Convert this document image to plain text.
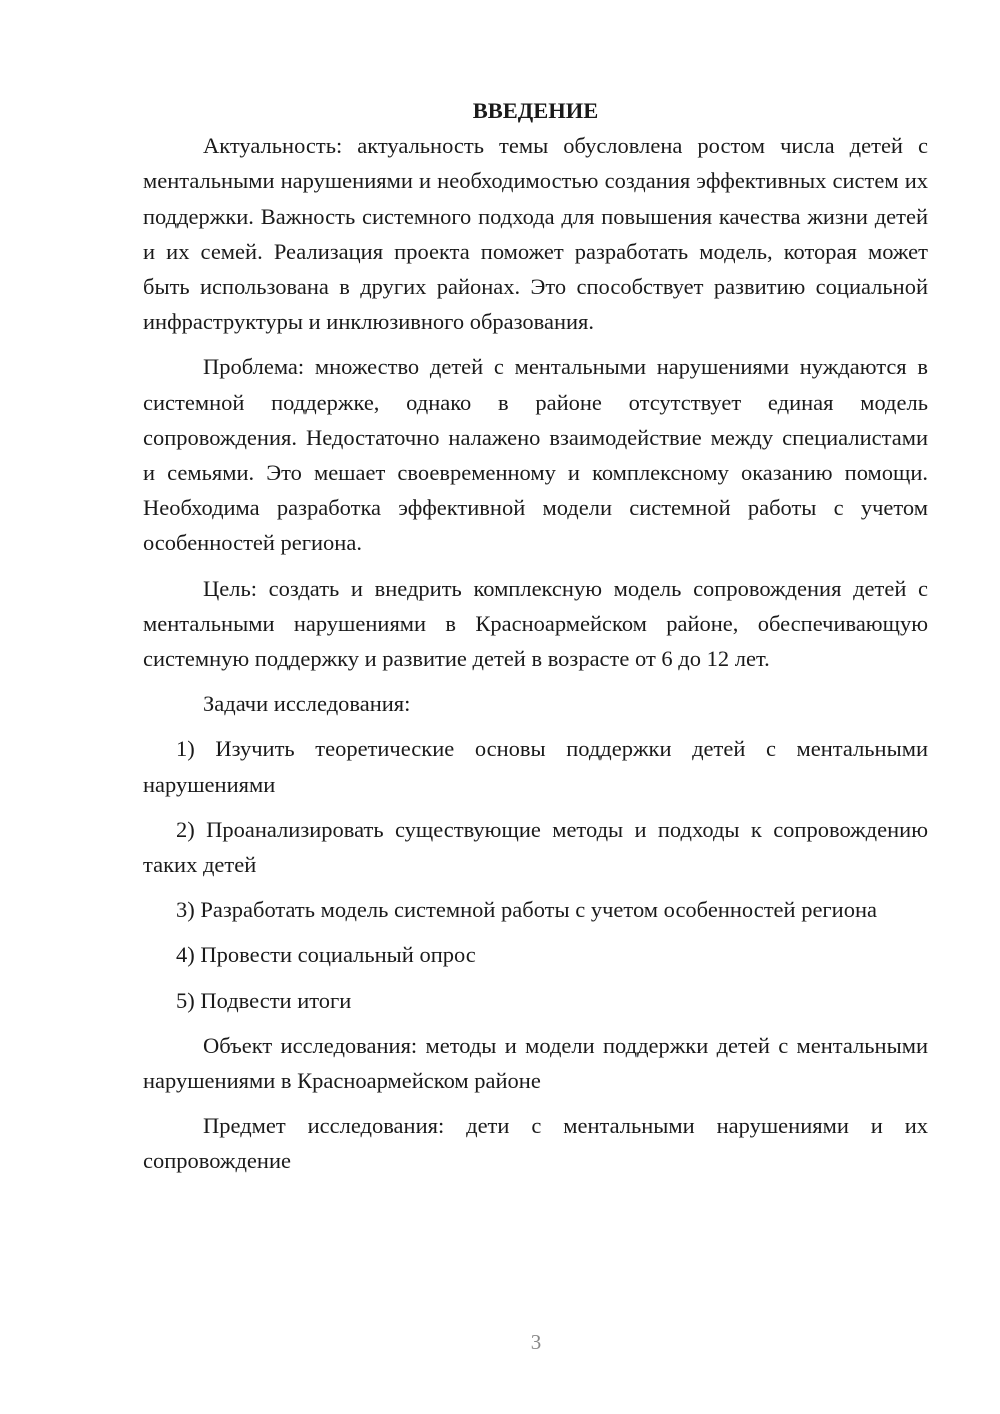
ВВЕДЕНИЕ

Актуальность: актуальность темы обусловлена ростом числа детей с ментальными нарушениями и необходимостью создания эффективных систем их поддержки. Важность системного подхода для повышения качества жизни детей и их семей. Реализация проекта поможет разработать модель, которая может быть использована в других районах. Это способствует развитию социальной инфраструктуры и инклюзивного образования.

Проблема: множество детей с ментальными нарушениями нуждаются в системной поддержке, однако в районе отсутствует единая модель сопровождения. Недостаточно налажено взаимодействие между специалистами и семьями. Это мешает своевременному и комплексному оказанию помощи. Необходима разработка эффективной модели системной работы с учетом особенностей региона.

Цель: создать и внедрить комплексную модель сопровождения детей с ментальными нарушениями в Красноармейском районе, обеспечивающую системную поддержку и развитие детей в возрасте от 6 до 12 лет.

Задачи исследования:

1) Изучить теоретические основы поддержки детей с ментальными нарушениями

2) Проанализировать существующие методы и подходы к сопровождению таких детей

3) Разработать модель системной работы с учетом особенностей региона

4) Провести социальный опрос

5) Подвести итоги

Объект исследования: методы и модели поддержки детей с ментальными нарушениями в Красноармейском районе

Предмет исследования: дети с ментальными нарушениями и их сопровождение

3
